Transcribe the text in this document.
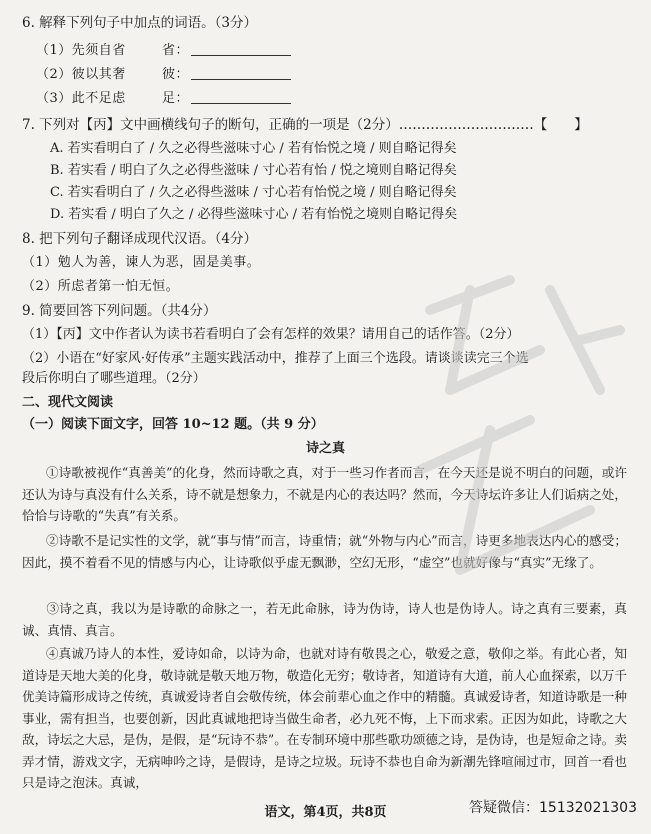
6. 解释下列句子中加点的词语。（3分）
（1）先须自省	省：
（2）彼以其奢	彼：
（3）此不足虑	足：
7. 下列对【丙】文中画横线句子的断句，正确的一项是（2分）…………………………【　　】
A. 若实看明白了 / 久之必得些滋味寸心 / 若有怡悦之境 / 则自略记得矣
B. 若实看 / 明白了久之必得些滋味 / 寸心若有怡 / 悦之境则自略记得矣
C. 若实看明白了 / 久之必得些滋味 / 寸心若有怡悦之境 / 则自略记得矣
D. 若实看 / 明白了久之 / 必得些滋味寸心 / 若有怡悦之境则自略记得矣
8. 把下列句子翻译成现代汉语。（4分）
（1）勉人为善，谏人为恶，固是美事。
（2）所虑者第一怕无恒。
9. 简要回答下列问题。（共4分）
（1）【丙】文中作者认为读书若看明白了会有怎样的效果？请用自己的话作答。（2分）
（2）小语在“好家风·好传承”主题实践活动中，推荐了上面三个选段。请谈谈读完三个选
段后你明白了哪些道理。（2分）
二、现代文阅读
（一）阅读下面文字，回答 10~12 题。（共 9 分）
诗之真
①诗歌被视作“真善美”的化身，然而诗歌之真，对于一些习作者而言，在今天还是说不明白的问题，或许还认为诗与真没有什么关系，诗不就是想象力，不就是内心的表达吗？然而，今天诗坛许多让人们诟病之处，恰恰与诗歌的“失真”有关系。
②诗歌不是记实性的文学，就“事与情”而言，诗重情；就“外物与内心”而言，诗更多地表达内心的感受；因此，摸不着看不见的情感与内心，让诗歌似乎虚无飘渺，空幻无形，“虚空”也就好像与“真实”无缘了。
③诗之真，我以为是诗歌的命脉之一，若无此命脉，诗为伪诗，诗人也是伪诗人。诗之真有三要素，真诚、真情、真言。
④真诚乃诗人的本性，爱诗如命，以诗为命，也就对诗有敬畏之心，敬爱之意，敬仰之举。有此心者，知道诗是天地大美的化身，敬诗就是敬天地万物，敬造化无穷；敬诗者，知道诗有大道，前人心血探索，以万千优美诗篇形成诗之传统，真诚爱诗者自会敬传统，体会前辈心血之作中的精髓。真诚爱诗者，知道诗歌是一种事业，需有担当，也要创新，因此真诚地把诗当做生命者，必九死不悔，上下而求索。正因为如此，诗歌之大敌，诗坛之大忌，是伪，是假，是“玩诗不恭”。在专制环境中那些歌功颂德之诗，是伪诗，也是短命之诗。卖弄才情，游戏文字，无病呻吟之诗，是假诗，是诗之垃圾。玩诗不恭也自命为新潮先锋喧闹过市，回首一看也只是诗之泡沫。真诚，
语文，第4页，共8页	答疑微信：15132021303
